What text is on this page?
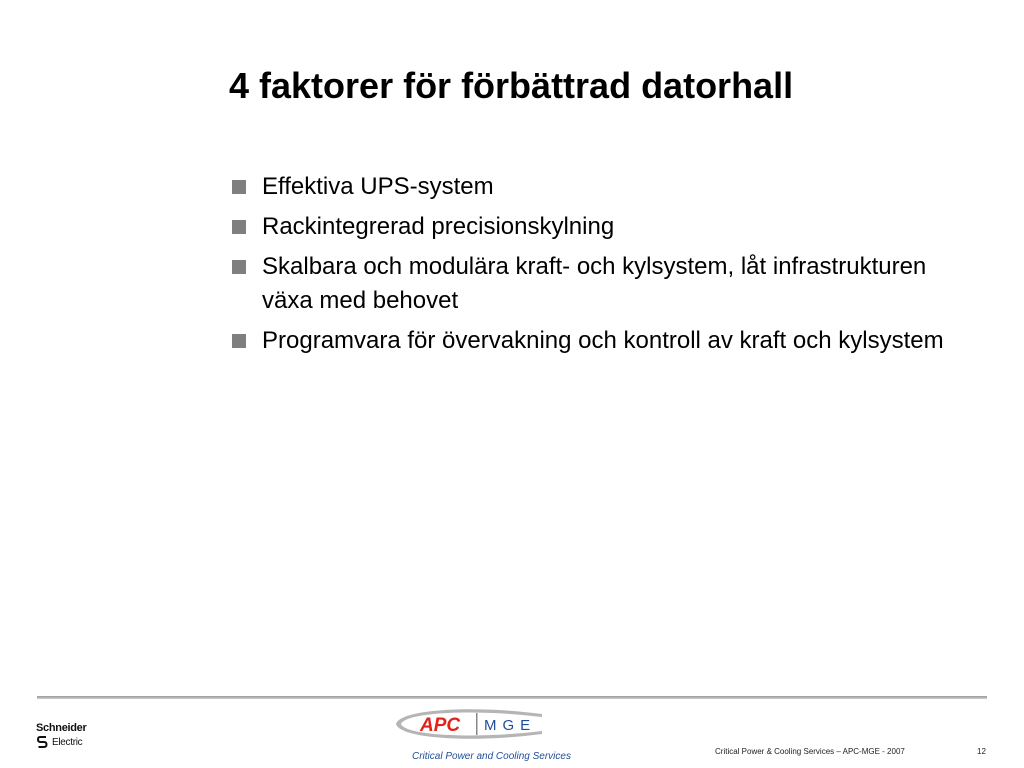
4 faktorer för förbättrad datorhall
Effektiva UPS-system
Rackintegrerad precisionskylning
Skalbara och modulära kraft- och kylsystem, låt infrastrukturen växa med behovet
Programvara för övervakning och kontroll av kraft och kylsystem
Schneider
Electric
APC MGE
Critical Power and Cooling Services	Critical Power & Cooling Services – APC-MGE - 2007	12
